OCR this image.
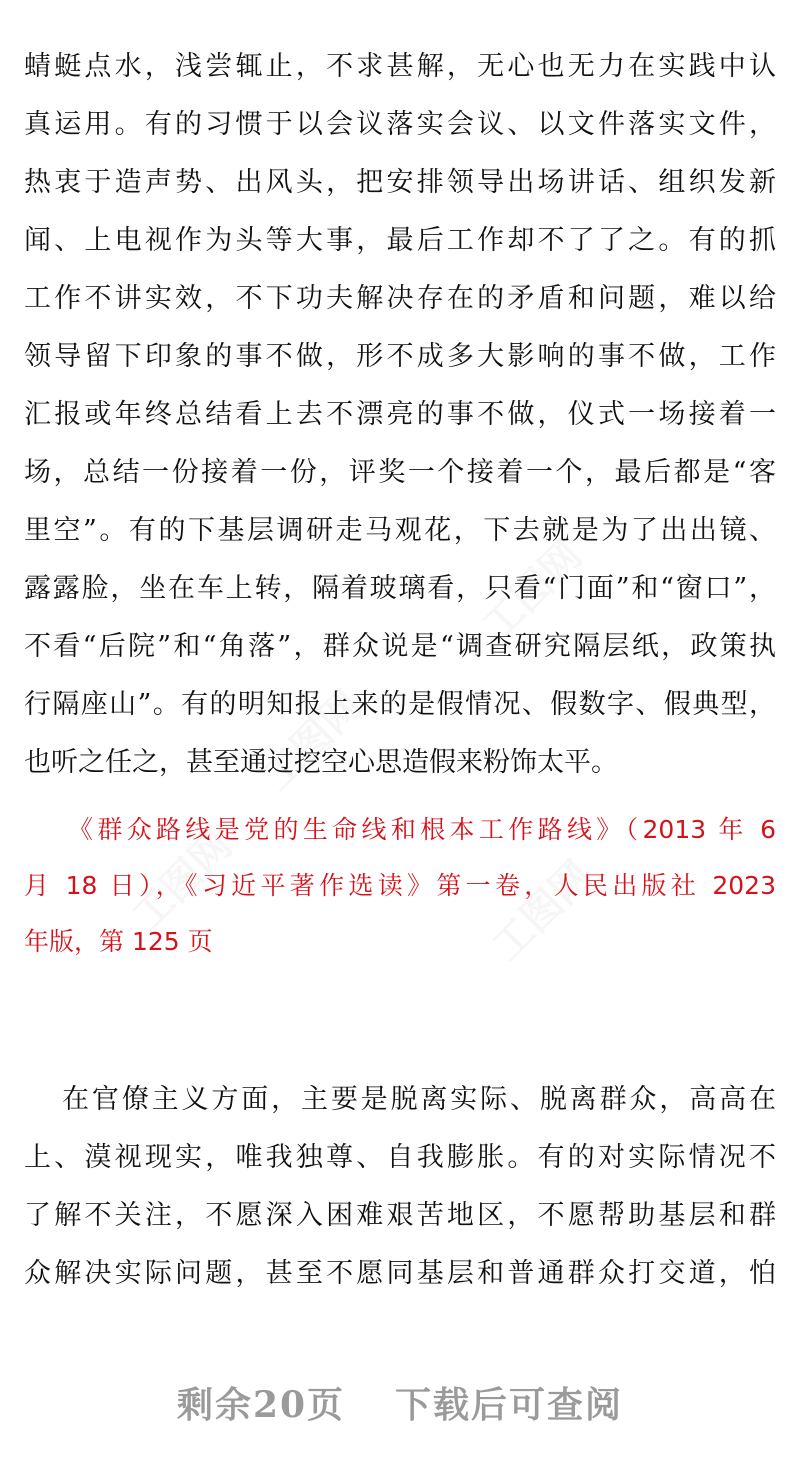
工图网
工图网
工图网	工图网
蜻蜓点水，浅尝辄止，不求甚解，无心也无力在实践中认
真运用。有的习惯于以会议落实会议、以文件落实文件，
热衷于造声势、出风头，把安排领导出场讲话、组织发新
闻、上电视作为头等大事，最后工作却不了了之。有的抓
工作不讲实效，不下功夫解决存在的矛盾和问题，难以给
领导留下印象的事不做，形不成多大影响的事不做，工作
汇报或年终总结看上去不漂亮的事不做，仪式一场接着一
场，总结一份接着一份，评奖一个接着一个，最后都是“客
里空”。有的下基层调研走马观花，下去就是为了出出镜、
露露脸，坐在车上转，隔着玻璃看，只看“门面”和“窗口”，
不看“后院”和“角落”，群众说是“调查研究隔层纸，政策执
行隔座山”。有的明知报上来的是假情况、假数字、假典型，
也听之任之，甚至通过挖空心思造假来粉饰太平。
《群众路线是党的生命线和根本工作路线》（2013 年 6
月 18 日），《习近平著作选读》第一卷，人民出版社 2023
年版，第 125 页
在官僚主义方面，主要是脱离实际、脱离群众，高高在
上、漠视现实，唯我独尊、自我膨胀。有的对实际情况不
了解不关注，不愿深入困难艰苦地区，不愿帮助基层和群
众解决实际问题，甚至不愿同基层和普通群众打交道，怕
剩余20页 下载后可查阅
